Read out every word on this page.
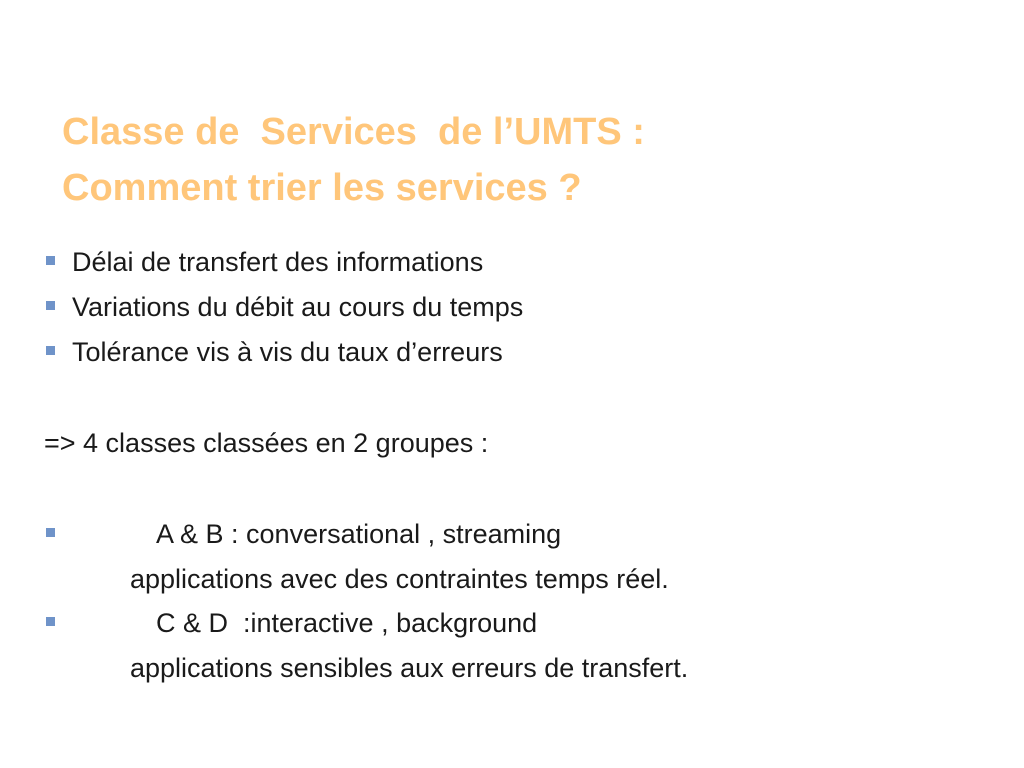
Classe de  Services  de l’UMTS :
Comment trier les services ?
Délai de transfert des informations
Variations du débit au cours du temps
Tolérance vis à vis du taux d’erreurs
=> 4 classes classées en 2 groupes :
A & B : conversational , streaming
applications avec des contraintes temps réel.
C & D  :interactive , background
applications sensibles aux erreurs de transfert.
